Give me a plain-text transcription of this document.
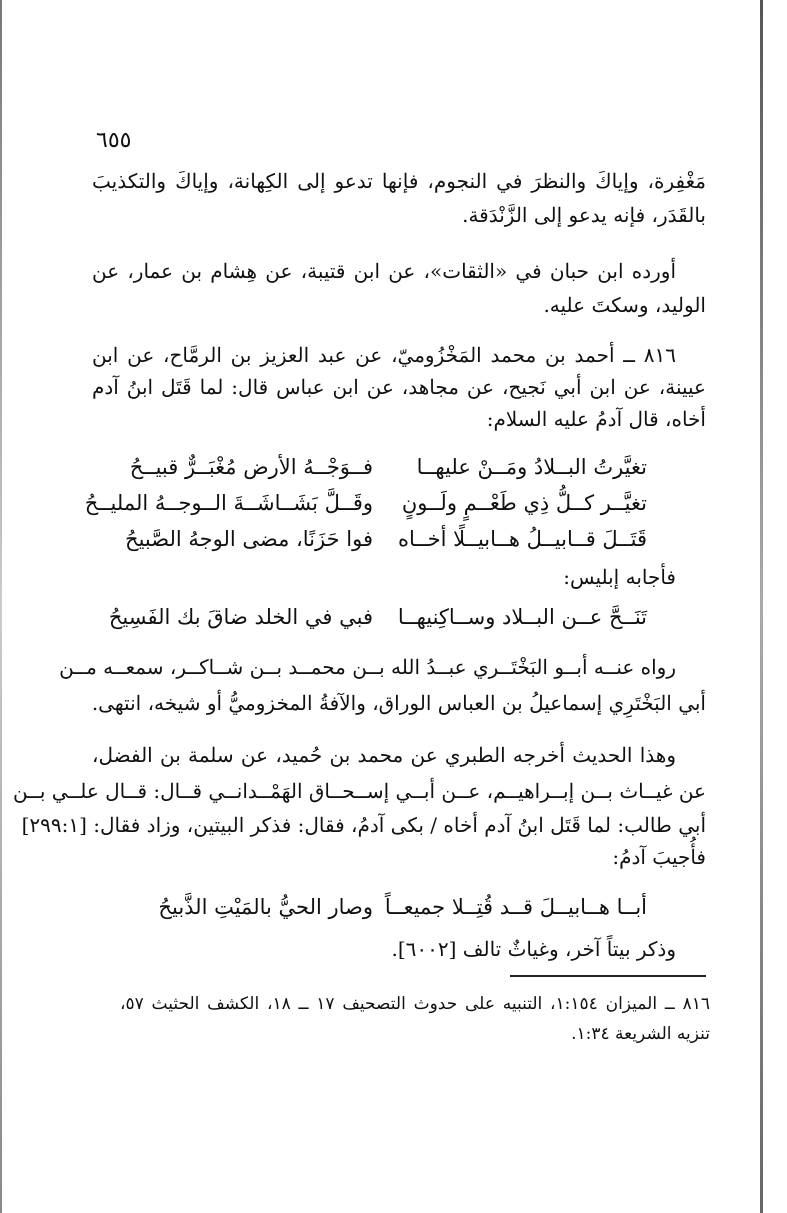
٦٥٥
مَغْفِرة، وإياكَ والنظرَ في النجوم، فإنها تدعو إلى الكِهانة، وإياكَ والتكذيبَ
بالقَدَر، فإنه يدعو إلى الزَّنْدَقة.
أورده ابن حبان في «الثقات»، عن ابن قتيبة، عن هِشام بن عمار، عن
الوليد، وسكتَ عليه.
٨١٦ ــ أحمد بن محمد المَخْزُوميّ، عن عبد العزيز بن الرمَّاح، عن ابن
عيينة، عن ابن أبي نَجيح، عن مجاهد، عن ابن عباس قال: لما قَتَل ابنُ آدم
أخاه، قال آدمُ عليه السلام:
تغيَّرتُ البــلادُ ومَــنْ عليهــا
فــوَجْــهُ الأرض مُغْبَــرٌّ قبيــحُ
تغيَّــر كــلُّ ذِي طَعْــمٍ ولَــونٍ
وقَــلَّ بَشَــاشَــةَ الــوجــهُ المليــحُ
قَتَــلَ قــابيــلُ هــابيــلًا أخــاه
فوا حَزَنًا، مضى الوجهُ الصَّبيحُ
فأجابه إبليس:
تَنَــحَّ عــن البــلاد وســاكِنيهــا
فبي في الخلد ضاقَ بك الفَسِيحُ
رواه عنــه أبــو البَخْتَــري عبــدُ الله بــن محمــد بــن شــاكــر، سمعــه مــن
أبي البَخْتَرِي إسماعيلُ بن العباس الوراق، والآفةُ المخزوميُّ أو شيخه، انتهى.
وهذا الحديث أخرجه الطبري عن محمد بن حُميد، عن سلمة بن الفضل،
عن غيــاث بــن إبــراهيــم، عــن أبــي إســحــاق الهَمْــدانــي قــال: قــال علــي بــن
أبي طالب: لما قَتَل ابنُ آدم أخاه / بكى آدمُ، فقال: فذكر البيتين، وزاد فقال: [٢٩٩:١]
فأُجيبَ آدمُ:
أبــا هــابيــلَ قــد قُتِــلا جميعــاً
وصار الحيُّ بالمَيْتِ الذَّبيحُ
وذكر بيتاً آخر، وغياثٌ تالف [٦٠٠٢].
٨١٦ ــ الميزان ١:١٥٤، التنبيه على حدوث التصحيف ١٧ ــ ١٨، الكشف الحثيث ٥٧،
تنزيه الشريعة ١:٣٤.
